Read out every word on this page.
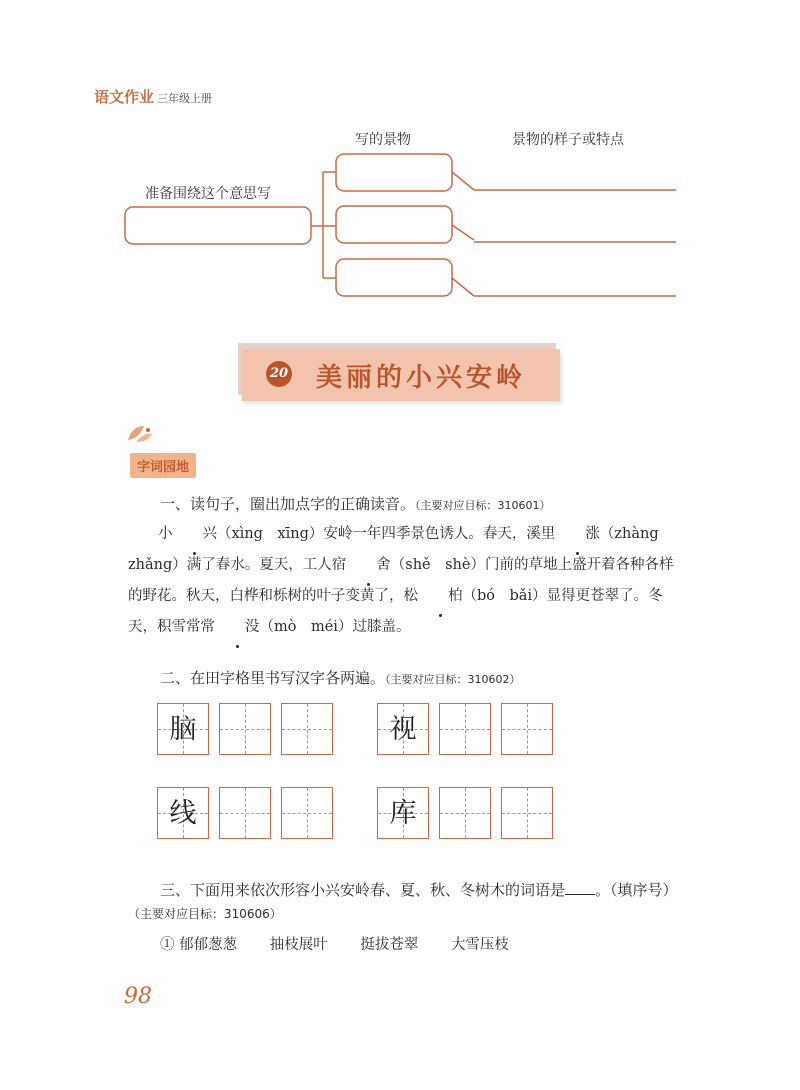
语文作业 三年级上册
写的景物	景物的样子或特点
准备围绕这个意思写
20 美丽的小兴安岭
字词园地
一、读句子，圈出加点字的正确读音。（主要对应目标：310601）
小 兴（xìng　xīng）安岭一年四季景色诱人。春天，溪里 涨（zhàng zhǎng）满了春水。夏天，工人宿 舍（shě　shè）门前的草地上盛开着各种各样的野花。秋天，白桦和栎树的叶子变黄了，松 柏（bó　bǎi）显得更苍翠了。冬天，积雪常常 没（mò　méi）过膝盖。
二、在田字格里书写汉字各两遍。（主要对应目标：310602）
脑	视
线	库
三、下面用来依次形容小兴安岭春、夏、秋、冬树木的词语是 。（填序号）
（主要对应目标：310606）
① 郁郁葱葱 抽枝展叶 挺拔苍翠 大雪压枝
98
